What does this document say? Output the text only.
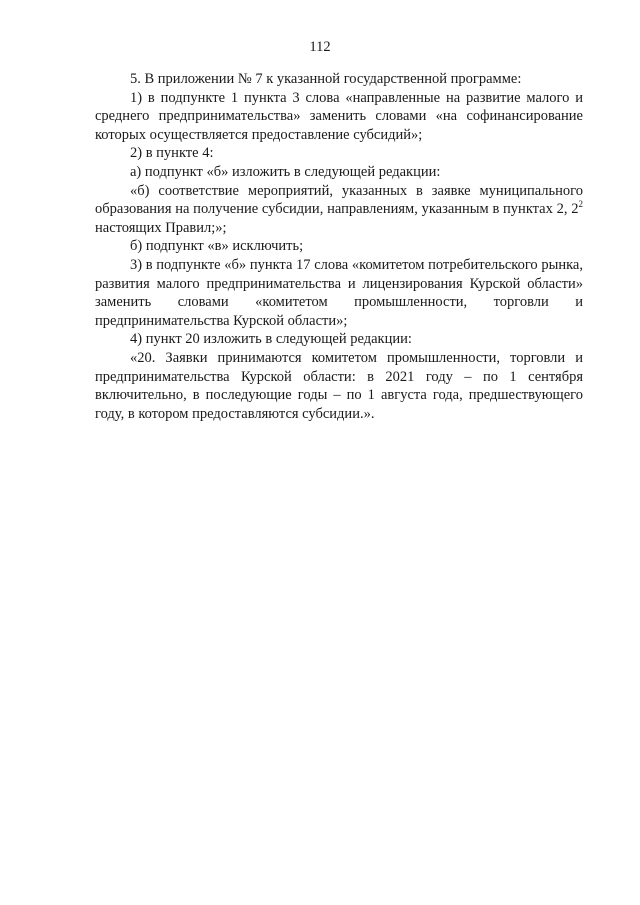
112

5. В приложении № 7 к указанной государственной программе:

1) в подпункте 1 пункта 3 слова «направленные на развитие малого и среднего предпринимательства» заменить словами «на софинансирование которых осуществляется предоставление субсидий»;

2) в пункте 4:

а) подпункт «б» изложить в следующей редакции:

«б) соответствие мероприятий, указанных в заявке муниципального образования на получение субсидии, направлениям, указанным в пунктах 2, $2^2$ настоящих Правил;»;

б) подпункт «в» исключить;

3) в подпункте «б» пункта 17 слова «комитетом потребительского рынка, развития малого предпринимательства и лицензирования Курской области» заменить словами «комитетом промышленности, торговли и предпринимательства Курской области»;

4) пункт 20 изложить в следующей редакции:

«20. Заявки принимаются комитетом промышленности, торговли и предпринимательства Курской области: в 2021 году – по 1 сентября включительно, в последующие годы – по 1 августа года, предшествующего году, в котором предоставляются субсидии.».
